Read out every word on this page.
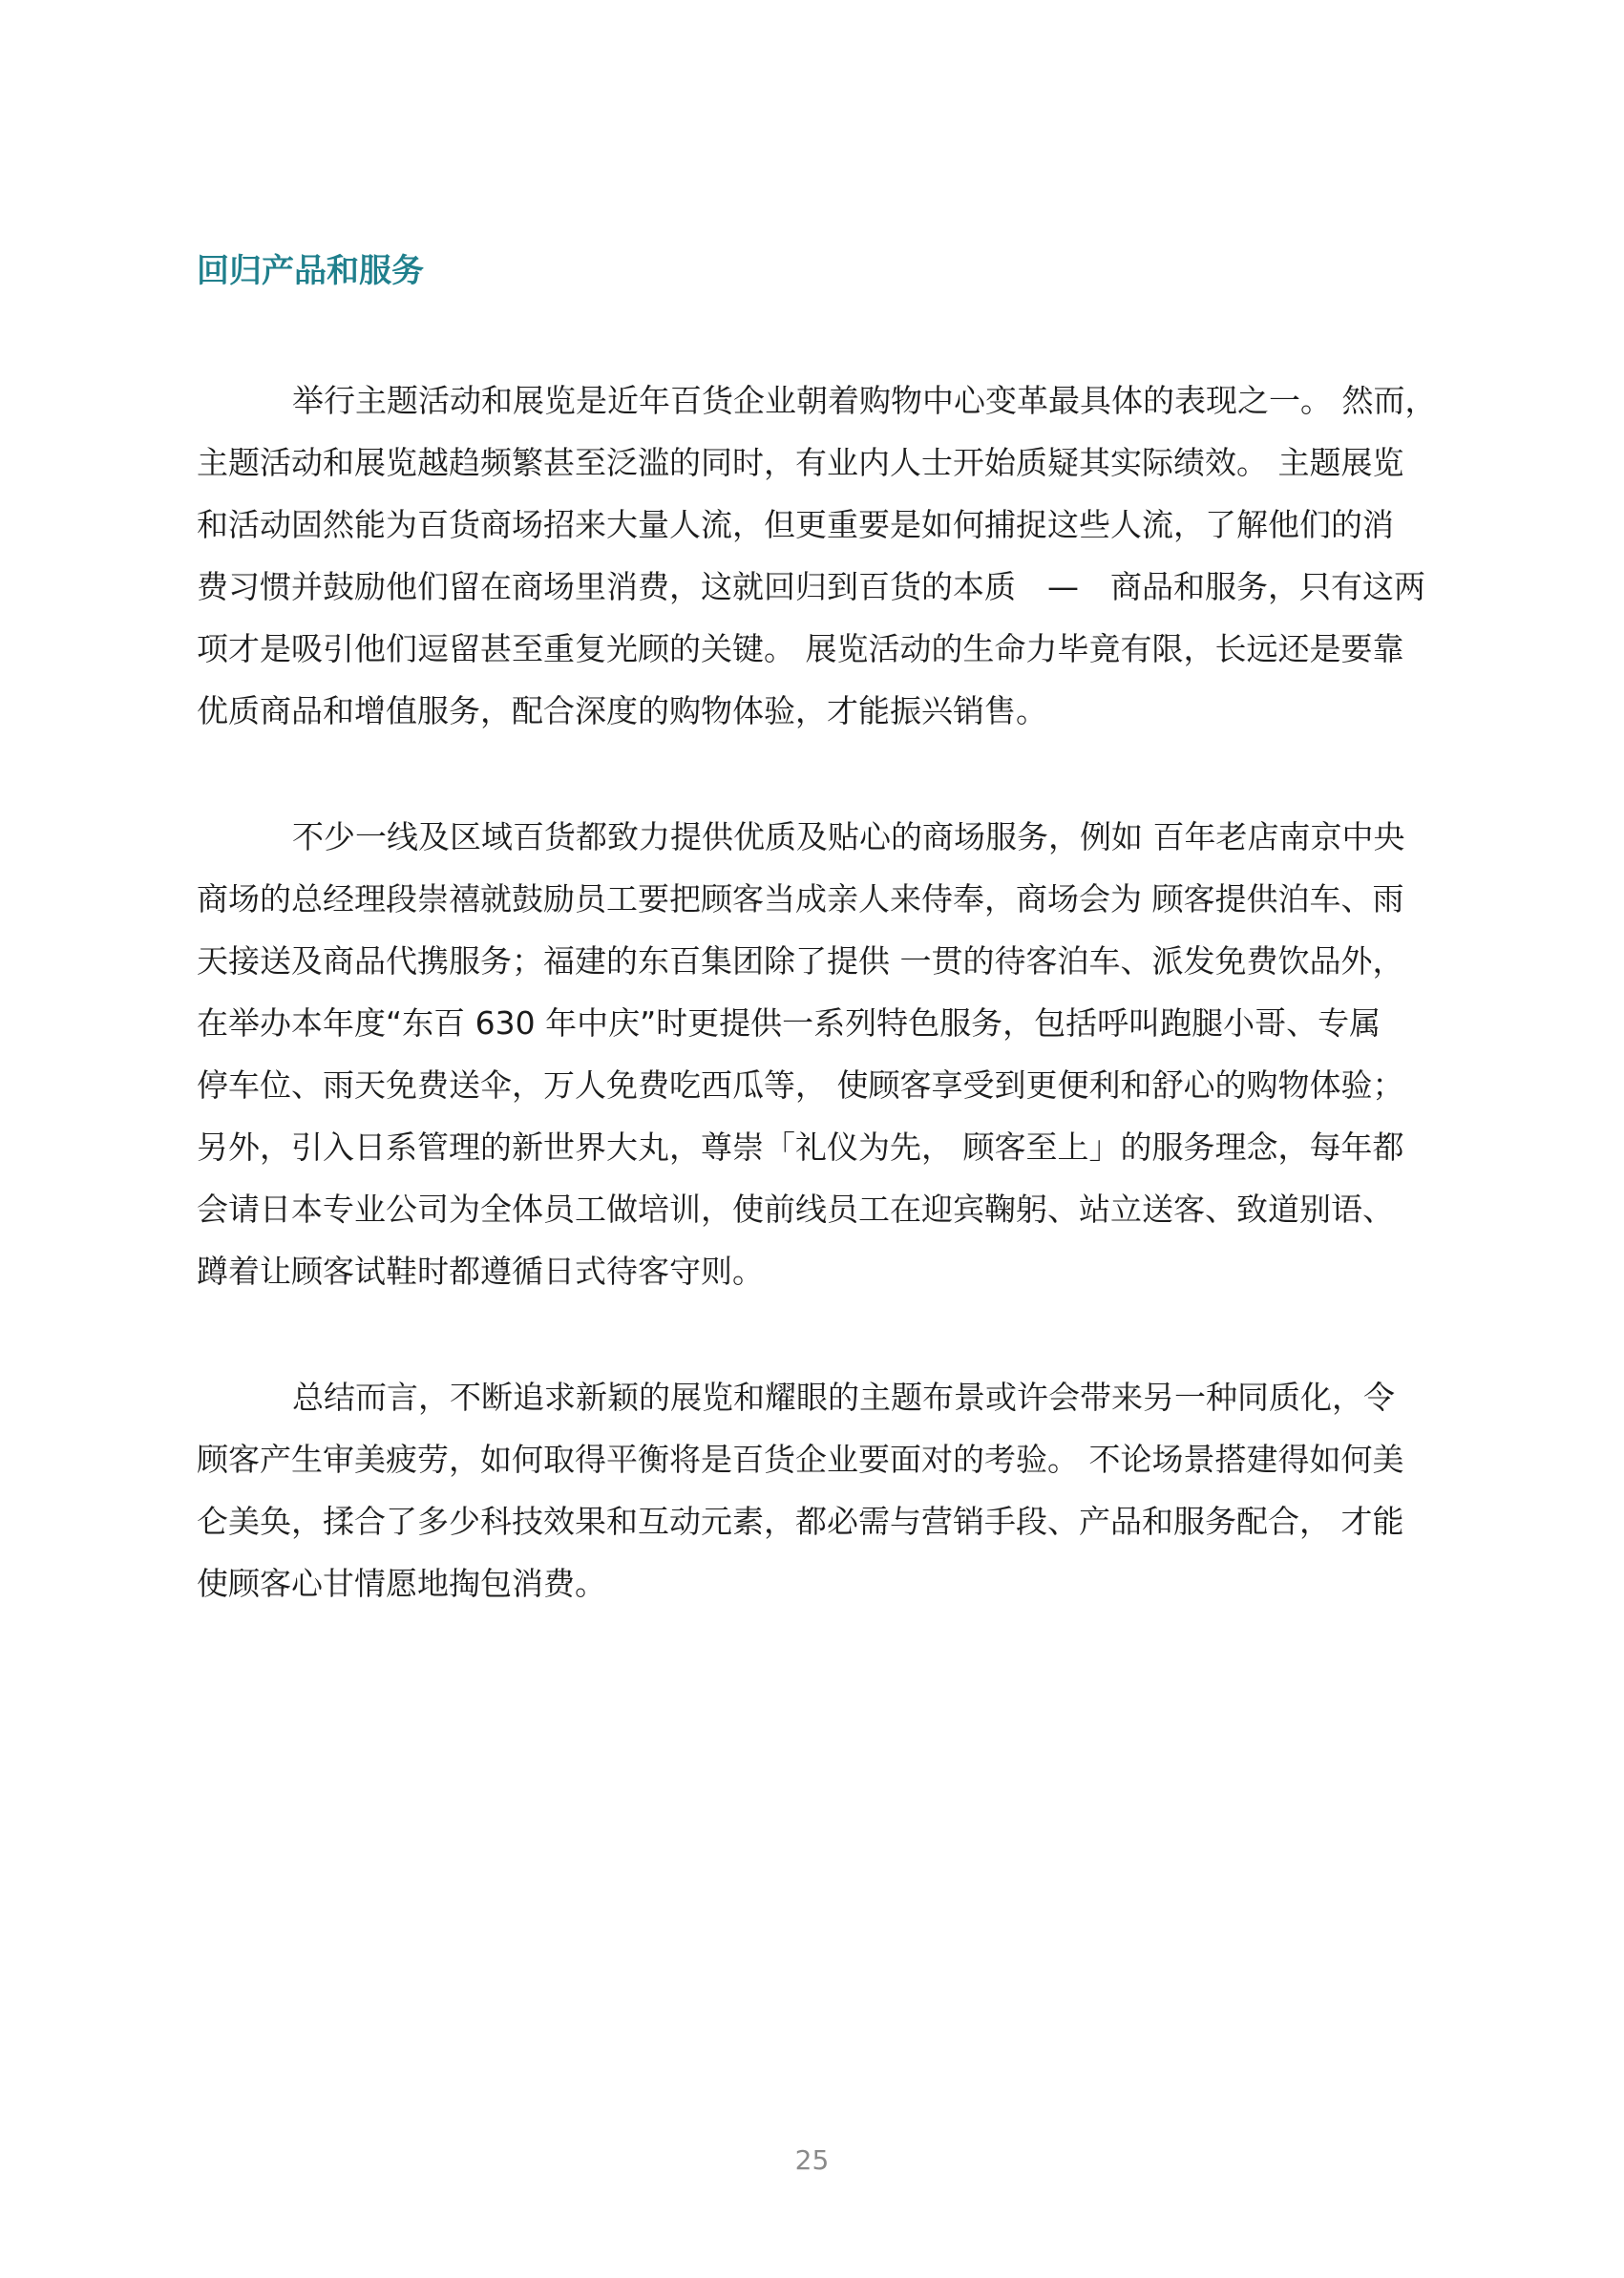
回归产品和服务

举行主题活动和展览是近年百货企业朝着购物中心变革最具体的表现之一。 然而，
主题活动和展览越趋频繁甚至泛滥的同时，有业内人士开始质疑其实际绩效。 主题展览
和活动固然能为百货商场招来大量人流，但更重要是如何捕捉这些人流，了解他们的消
费习惯并鼓励他们留在商场里消费，这就回归到百货的本质　—　商品和服务，只有这两
项才是吸引他们逗留甚至重复光顾的关键。 展览活动的生命力毕竟有限，长远还是要靠
优质商品和增值服务，配合深度的购物体验，才能振兴销售。

不少一线及区域百货都致力提供优质及贴心的商场服务，例如 百年老店南京中央
商场的总经理段崇禧就鼓励员工要把顾客当成亲人来侍奉，商场会为 顾客提供泊车、雨
天接送及商品代携服务；福建的东百集团除了提供 一贯的待客泊车、派发免费饮品外，
在举办本年度“东百 630 年中庆”时更提供一系列特色服务，包括呼叫跑腿小哥、专属
停车位、雨天免费送伞，万人免费吃西瓜等， 使顾客享受到更便利和舒心的购物体验；
另外，引入日系管理的新世界大丸，尊崇「礼仪为先， 顾客至上」的服务理念，每年都
会请日本专业公司为全体员工做培训，使前线员工在迎宾鞠躬、站立送客、致道别语、
蹲着让顾客试鞋时都遵循日式待客守则。

总结而言，不断追求新颖的展览和耀眼的主题布景或许会带来另一种同质化，令
顾客产生审美疲劳，如何取得平衡将是百货企业要面对的考验。 不论场景搭建得如何美
仑美奂，揉合了多少科技效果和互动元素，都必需与营销手段、产品和服务配合， 才能
使顾客心甘情愿地掏包消费。

25
